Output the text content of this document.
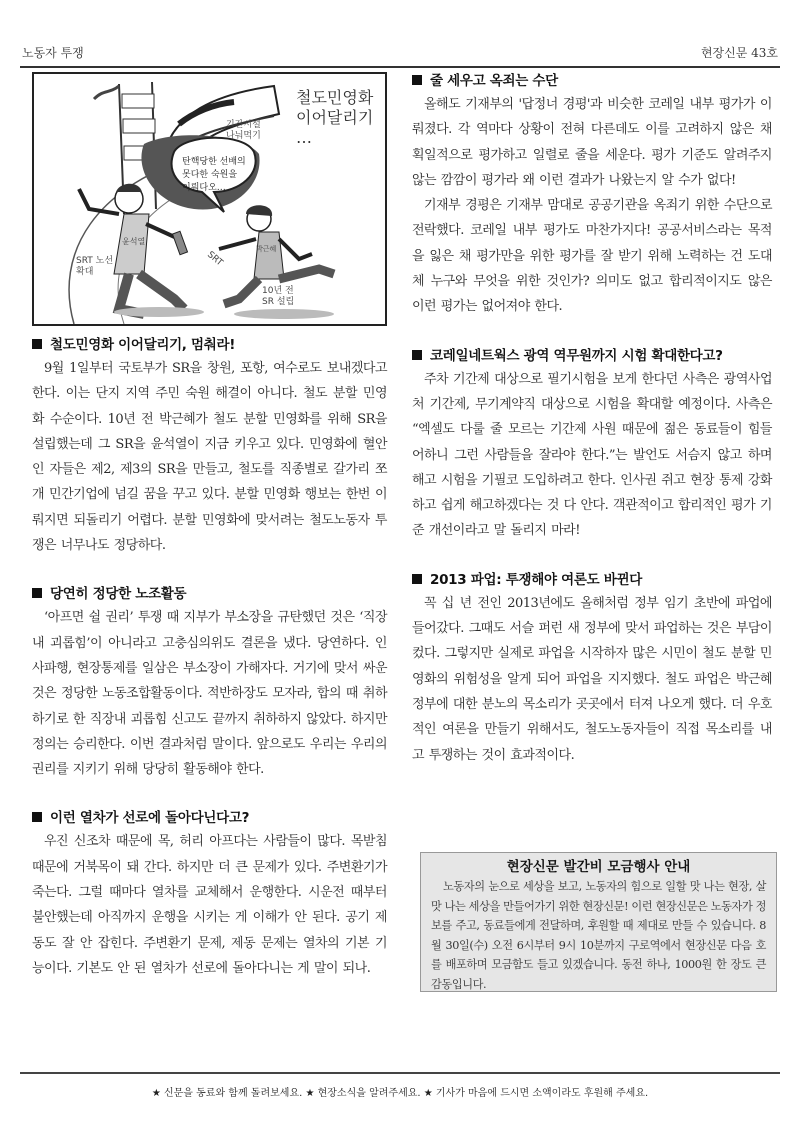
노동자 투쟁	현장신문 43호
철도민영화
이어달리기
…
기간시설
나눠먹기
탄핵당한 선배의
못다한 숙원을
이뤄다오…
SRT 노선
확대
SRT
10년 전
SR 설립
윤석열
박근혜
철도민영화 이어달리기, 멈춰라!

9월 1일부터 국토부가 SR을 창원, 포항, 여수로도 보내겠다고 한다. 이는 단지 지역 주민 숙원 해결이 아니다. 철도 분할 민영화 수순이다. 10년 전 박근혜가 철도 분할 민영화를 위해 SR을 설립했는데 그 SR을 윤석열이 지금 키우고 있다. 민영화에 혈안인 자들은 제2, 제3의 SR을 만들고, 철도를 직종별로 갈가리 쪼개 민간기업에 넘길 꿈을 꾸고 있다. 분할 민영화 행보는 한번 이뤄지면 되돌리기 어렵다. 분할 민영화에 맞서려는 철도노동자 투쟁은 너무나도 정당하다.

당연히 정당한 노조활동

‘아프면 쉴 권리’ 투쟁 때 지부가 부소장을 규탄했던 것은 ‘직장내 괴롭힘’이 아니라고 고충심의위도 결론을 냈다. 당연하다. 인사파행, 현장통제를 일삼은 부소장이 가해자다. 거기에 맞서 싸운 것은 정당한 노동조합활동이다. 적반하장도 모자라, 합의 때 취하하기로 한 직장내 괴롭힘 신고도 끝까지 취하하지 않았다. 하지만 정의는 승리한다. 이번 결과처럼 말이다. 앞으로도 우리는 우리의 권리를 지키기 위해 당당히 활동해야 한다.

이런 열차가 선로에 돌아다닌다고?

우진 신조차 때문에 목, 허리 아프다는 사람들이 많다. 목받침 때문에 거북목이 돼 간다. 하지만 더 큰 문제가 있다. 주변환기가 죽는다. 그럴 때마다 열차를 교체해서 운행한다. 시운전 때부터 불안했는데 아직까지 운행을 시키는 게 이해가 안 된다. 공기 제동도 잘 안 잡힌다. 주변환기 문제, 제동 문제는 열차의 기본 기능이다. 기본도 안 된 열차가 선로에 돌아다니는 게 말이 되나.

줄 세우고 옥죄는 수단

올해도 기재부의 '답정너 경평'과 비슷한 코레일 내부 평가가 이뤄졌다. 각 역마다 상황이 전혀 다른데도 이를 고려하지 않은 채 획일적으로 평가하고 일렬로 줄을 세운다. 평가 기준도 알려주지 않는 깜깜이 평가라 왜 이런 결과가 나왔는지 알 수가 없다!

기재부 경평은 기재부 맘대로 공공기관을 옥죄기 위한 수단으로 전락했다. 코레일 내부 평가도 마찬가지다! 공공서비스라는 목적을 잃은 채 평가만을 위한 평가를 잘 받기 위해 노력하는 건 도대체 누구와 무엇을 위한 것인가? 의미도 없고 합리적이지도 않은 이런 평가는 없어져야 한다.

코레일네트웍스 광역 역무원까지 시험 확대한다고?

주차 기간제 대상으로 필기시험을 보게 한다던 사측은 광역사업처 기간제, 무기계약직 대상으로 시험을 확대할 예정이다. 사측은 “엑셀도 다룰 줄 모르는 기간제 사원 때문에 젊은 동료들이 힘들어하니 그런 사람들을 잘라야 한다.”는 발언도 서슴지 않고 하며 해고 시험을 기필코 도입하려고 한다. 인사권 쥐고 현장 통제 강화하고 쉽게 해고하겠다는 것 다 안다. 객관적이고 합리적인 평가 기준 개선이라고 말 돌리지 마라!

2013 파업: 투쟁해야 여론도 바뀐다

꼭 십 년 전인 2013년에도 올해처럼 정부 임기 초반에 파업에 들어갔다. 그때도 서슬 퍼런 새 정부에 맞서 파업하는 것은 부담이 컸다. 그렇지만 실제로 파업을 시작하자 많은 시민이 철도 분할 민영화의 위험성을 알게 되어 파업을 지지했다. 철도 파업은 박근혜 정부에 대한 분노의 목소리가 곳곳에서 터져 나오게 했다. 더 우호적인 여론을 만들기 위해서도, 철도노동자들이 직접 목소리를 내고 투쟁하는 것이 효과적이다.

현장신문 발간비 모금행사 안내

노동자의 눈으로 세상을 보고, 노동자의 힘으로 일할 맛 나는 현장, 살 맛 나는 세상을 만들어가기 위한 현장신문! 이런 현장신문은 노동자가 정보를 주고, 동료들에게 전달하며, 후원할 때 제대로 만들 수 있습니다. 8월 30일(수) 오전 6시부터 9시 10분까지 구로역에서 현장신문 다음 호를 배포하며 모금함도 들고 있겠습니다. 동전 하나, 1000원 한 장도 큰 감동입니다.

★ 신문을 동료와 함께 돌려보세요. ★ 현장소식을 알려주세요. ★ 기사가 마음에 드시면 소액이라도 후원해 주세요.
